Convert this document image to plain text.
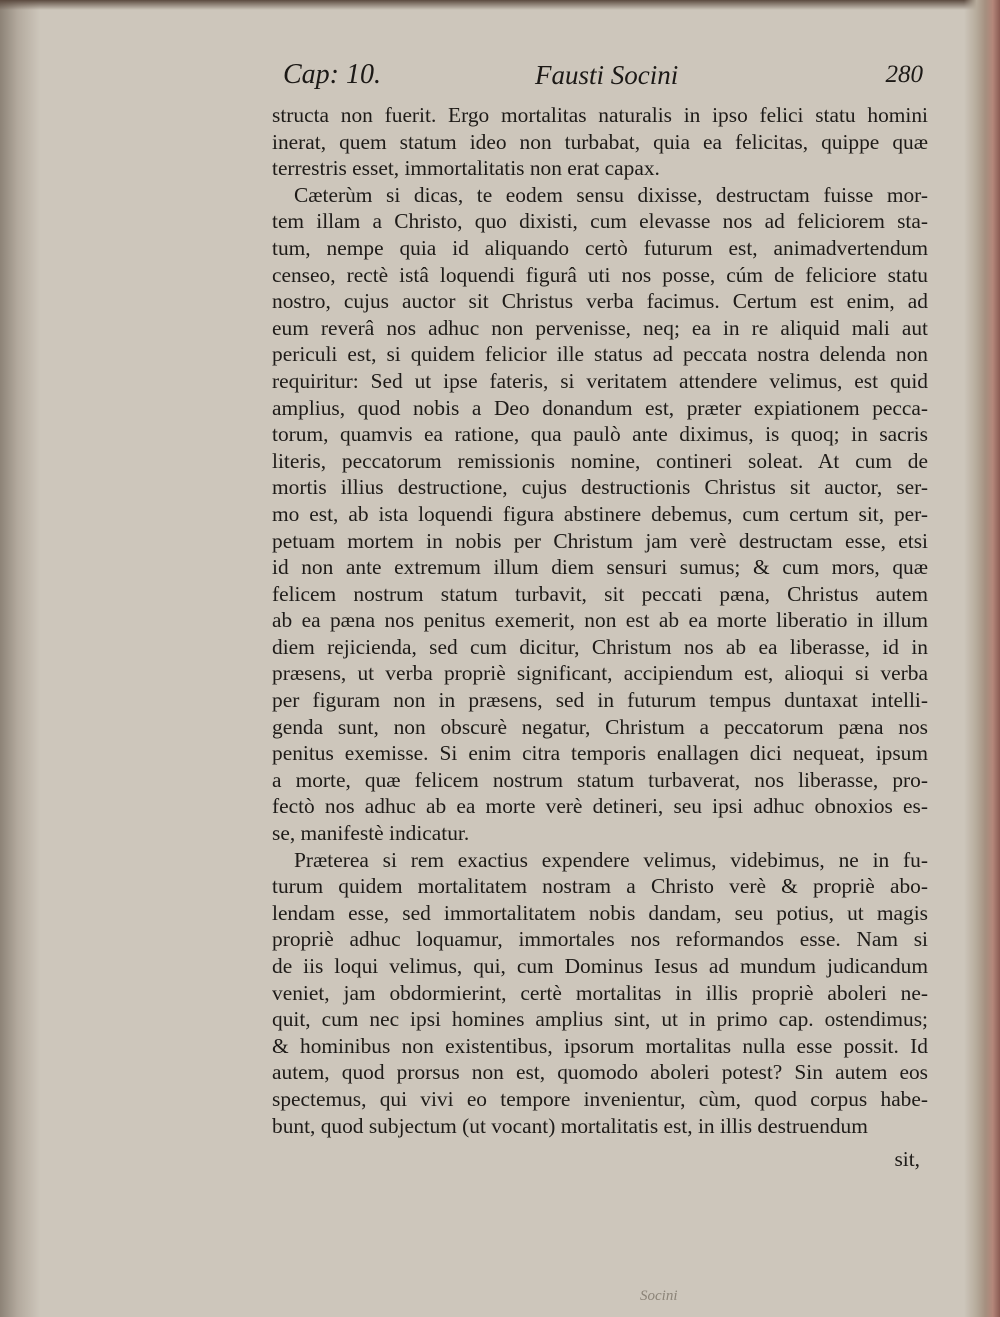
Cap: 10.	Fausti Socini	280
structa non fuerit. Ergo mortalitas naturalis in ipso felici statu homini
inerat, quem statum ideo non turbabat, quia ea felicitas, quippe quæ
terrestris esset, immortalitatis non erat capax.
Cæterùm si dicas, te eodem sensu dixisse, destructam fuisse mor-
tem illam a Christo, quo dixisti, cum elevasse nos ad feliciorem sta-
tum, nempe quia id aliquando certò futurum est, animadvertendum
censeo, rectè istâ loquendi figurâ uti nos posse, cúm de feliciore statu
nostro, cujus auctor sit Christus verba facimus. Certum est enim, ad
eum reverâ nos adhuc non pervenisse, neq; ea in re aliquid mali aut
periculi est, si quidem felicior ille status ad peccata nostra delenda non
requiritur: Sed ut ipse fateris, si veritatem attendere velimus, est quid
amplius, quod nobis a Deo donandum est, præter expiationem pecca-
torum, quamvis ea ratione, qua paulò ante diximus, is quoq; in sacris
literis, peccatorum remissionis nomine, contineri soleat. At cum de
mortis illius destructione, cujus destructionis Christus sit auctor, ser-
mo est, ab ista loquendi figura abstinere debemus, cum certum sit, per-
petuam mortem in nobis per Christum jam verè destructam esse, etsi
id non ante extremum illum diem sensuri sumus; & cum mors, quæ
felicem nostrum statum turbavit, sit peccati pæna, Christus autem
ab ea pæna nos penitus exemerit, non est ab ea morte liberatio in illum
diem rejicienda, sed cum dicitur, Christum nos ab ea liberasse, id in
præsens, ut verba propriè significant, accipiendum est, alioqui si verba
per figuram non in præsens, sed in futurum tempus duntaxat intelli-
genda sunt, non obscurè negatur, Christum a peccatorum pæna nos
penitus exemisse. Si enim citra temporis enallagen dici nequeat, ipsum
a morte, quæ felicem nostrum statum turbaverat, nos liberasse, pro-
fectò nos adhuc ab ea morte verè detineri, seu ipsi adhuc obnoxios es-
se, manifestè indicatur.
Præterea si rem exactius expendere velimus, videbimus, ne in fu-
turum quidem mortalitatem nostram a Christo verè & propriè abo-
lendam esse, sed immortalitatem nobis dandam, seu potius, ut magis
propriè adhuc loquamur, immortales nos reformandos esse. Nam si
de iis loqui velimus, qui, cum Dominus Iesus ad mundum judicandum
veniet, jam obdormierint, certè mortalitas in illis propriè aboleri ne-
quit, cum nec ipsi homines amplius sint, ut in primo cap. ostendimus;
& hominibus non existentibus, ipsorum mortalitas nulla esse possit. Id
autem, quod prorsus non est, quomodo aboleri potest? Sin autem eos
spectemus, qui vivi eo tempore invenientur, cùm, quod corpus habe-
bunt, quod subjectum (ut vocant) mortalitatis est, in illis destruendum
sit,
Socini
